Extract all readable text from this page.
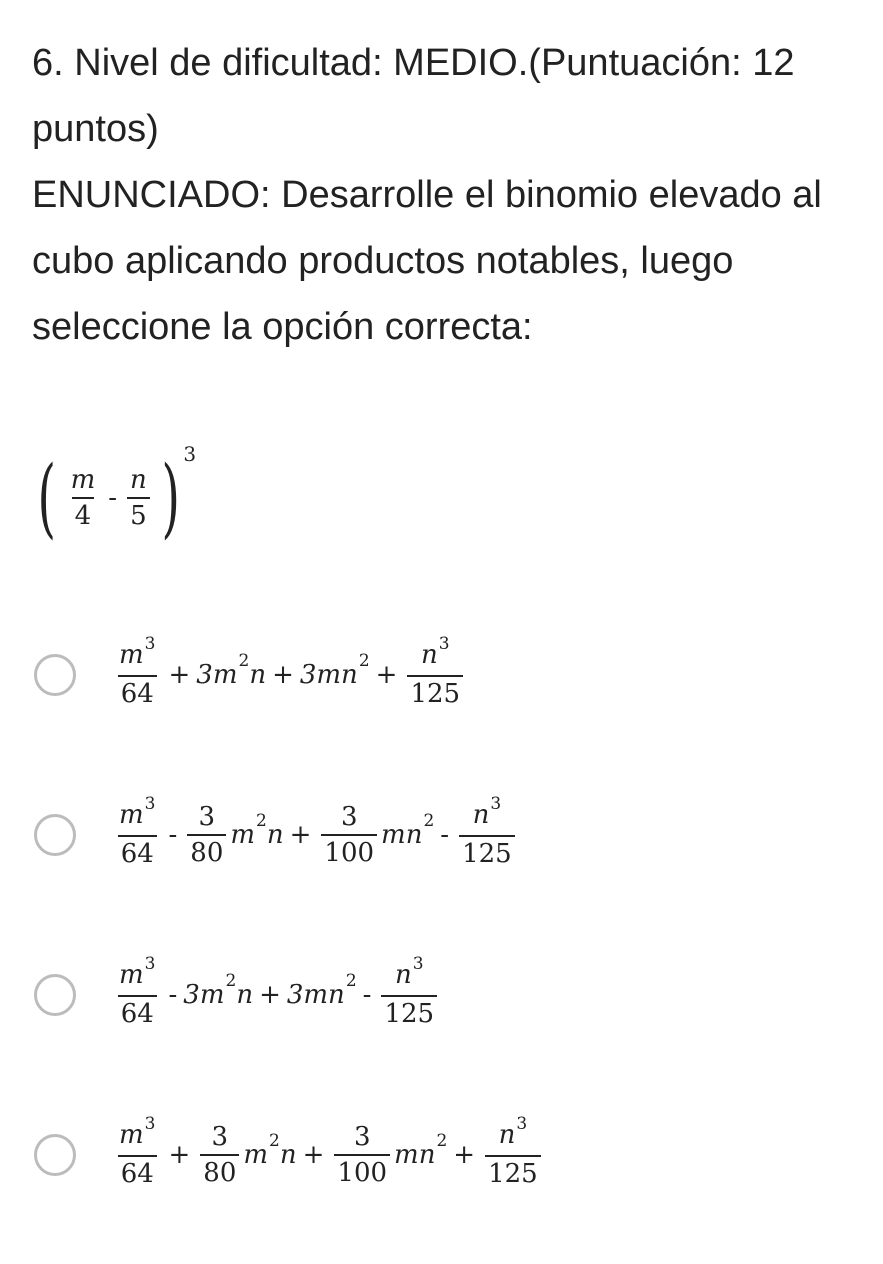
6. Nivel de dificultad: MEDIO.(Puntuación: 12 puntos)

ENUNCIADO: Desarrolle el binomio elevado al cubo aplicando productos notables, luego seleccione la opción correcta:

( $\frac{m}{4} - \frac{n}{5}$ ) 3
$\frac{m^3}{64} + 3m$ 2 n + 3mn $2 + \frac{n^3}{125}$
$\frac{m^3}{64} - \frac{3}{80}$ m 2 $n + \frac{3}{100}$ mn $2 - \frac{n^3}{125}$
$\frac{m^3}{64} - 3m$ 2 n + 3mn $2 - \frac{n^3}{125}$
$\frac{m^3}{64} + \frac{3}{80}$ m 2 $n + \frac{3}{100}$ mn $2 + \frac{n^3}{125}$
